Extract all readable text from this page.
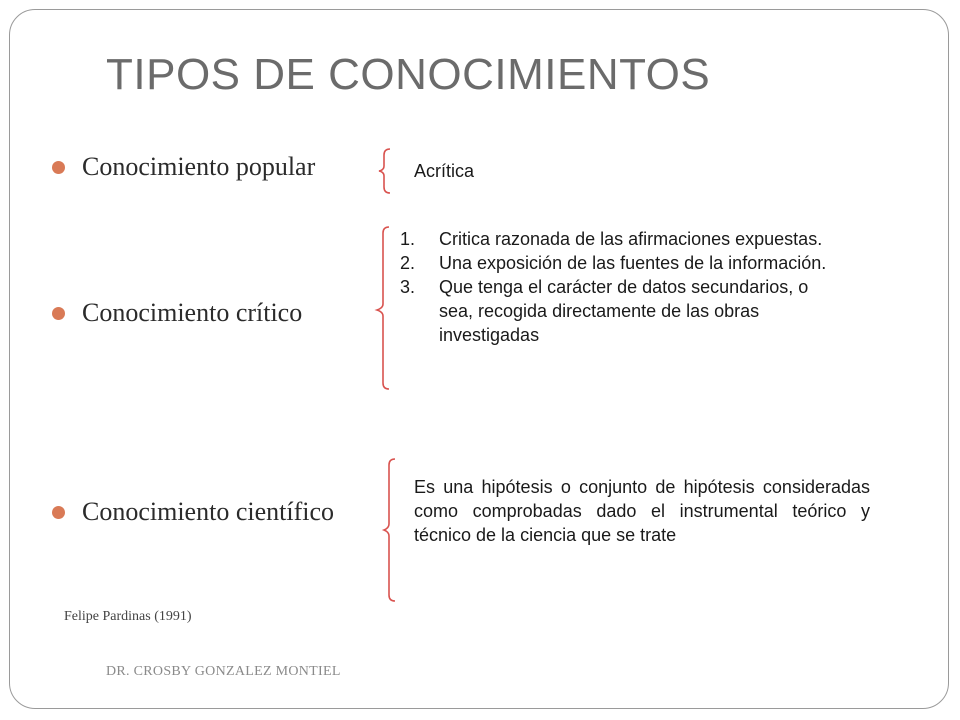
TIPOS DE CONOCIMIENTOS
Conocimiento popular	Acrítica
Conocimiento crítico
1. Critica razonada de las afirmaciones expuestas.
2. Una exposición de las fuentes de la información.
3. Que tenga el carácter de datos secundarios, o sea, recogida directamente de las obras investigadas
Conocimiento científico
Es una hipótesis o conjunto de hipótesis consideradas como comprobadas dado el instrumental teórico y técnico de la ciencia que se trate
Felipe Pardinas (1991)
DR. CROSBY GONZALEZ MONTIEL
